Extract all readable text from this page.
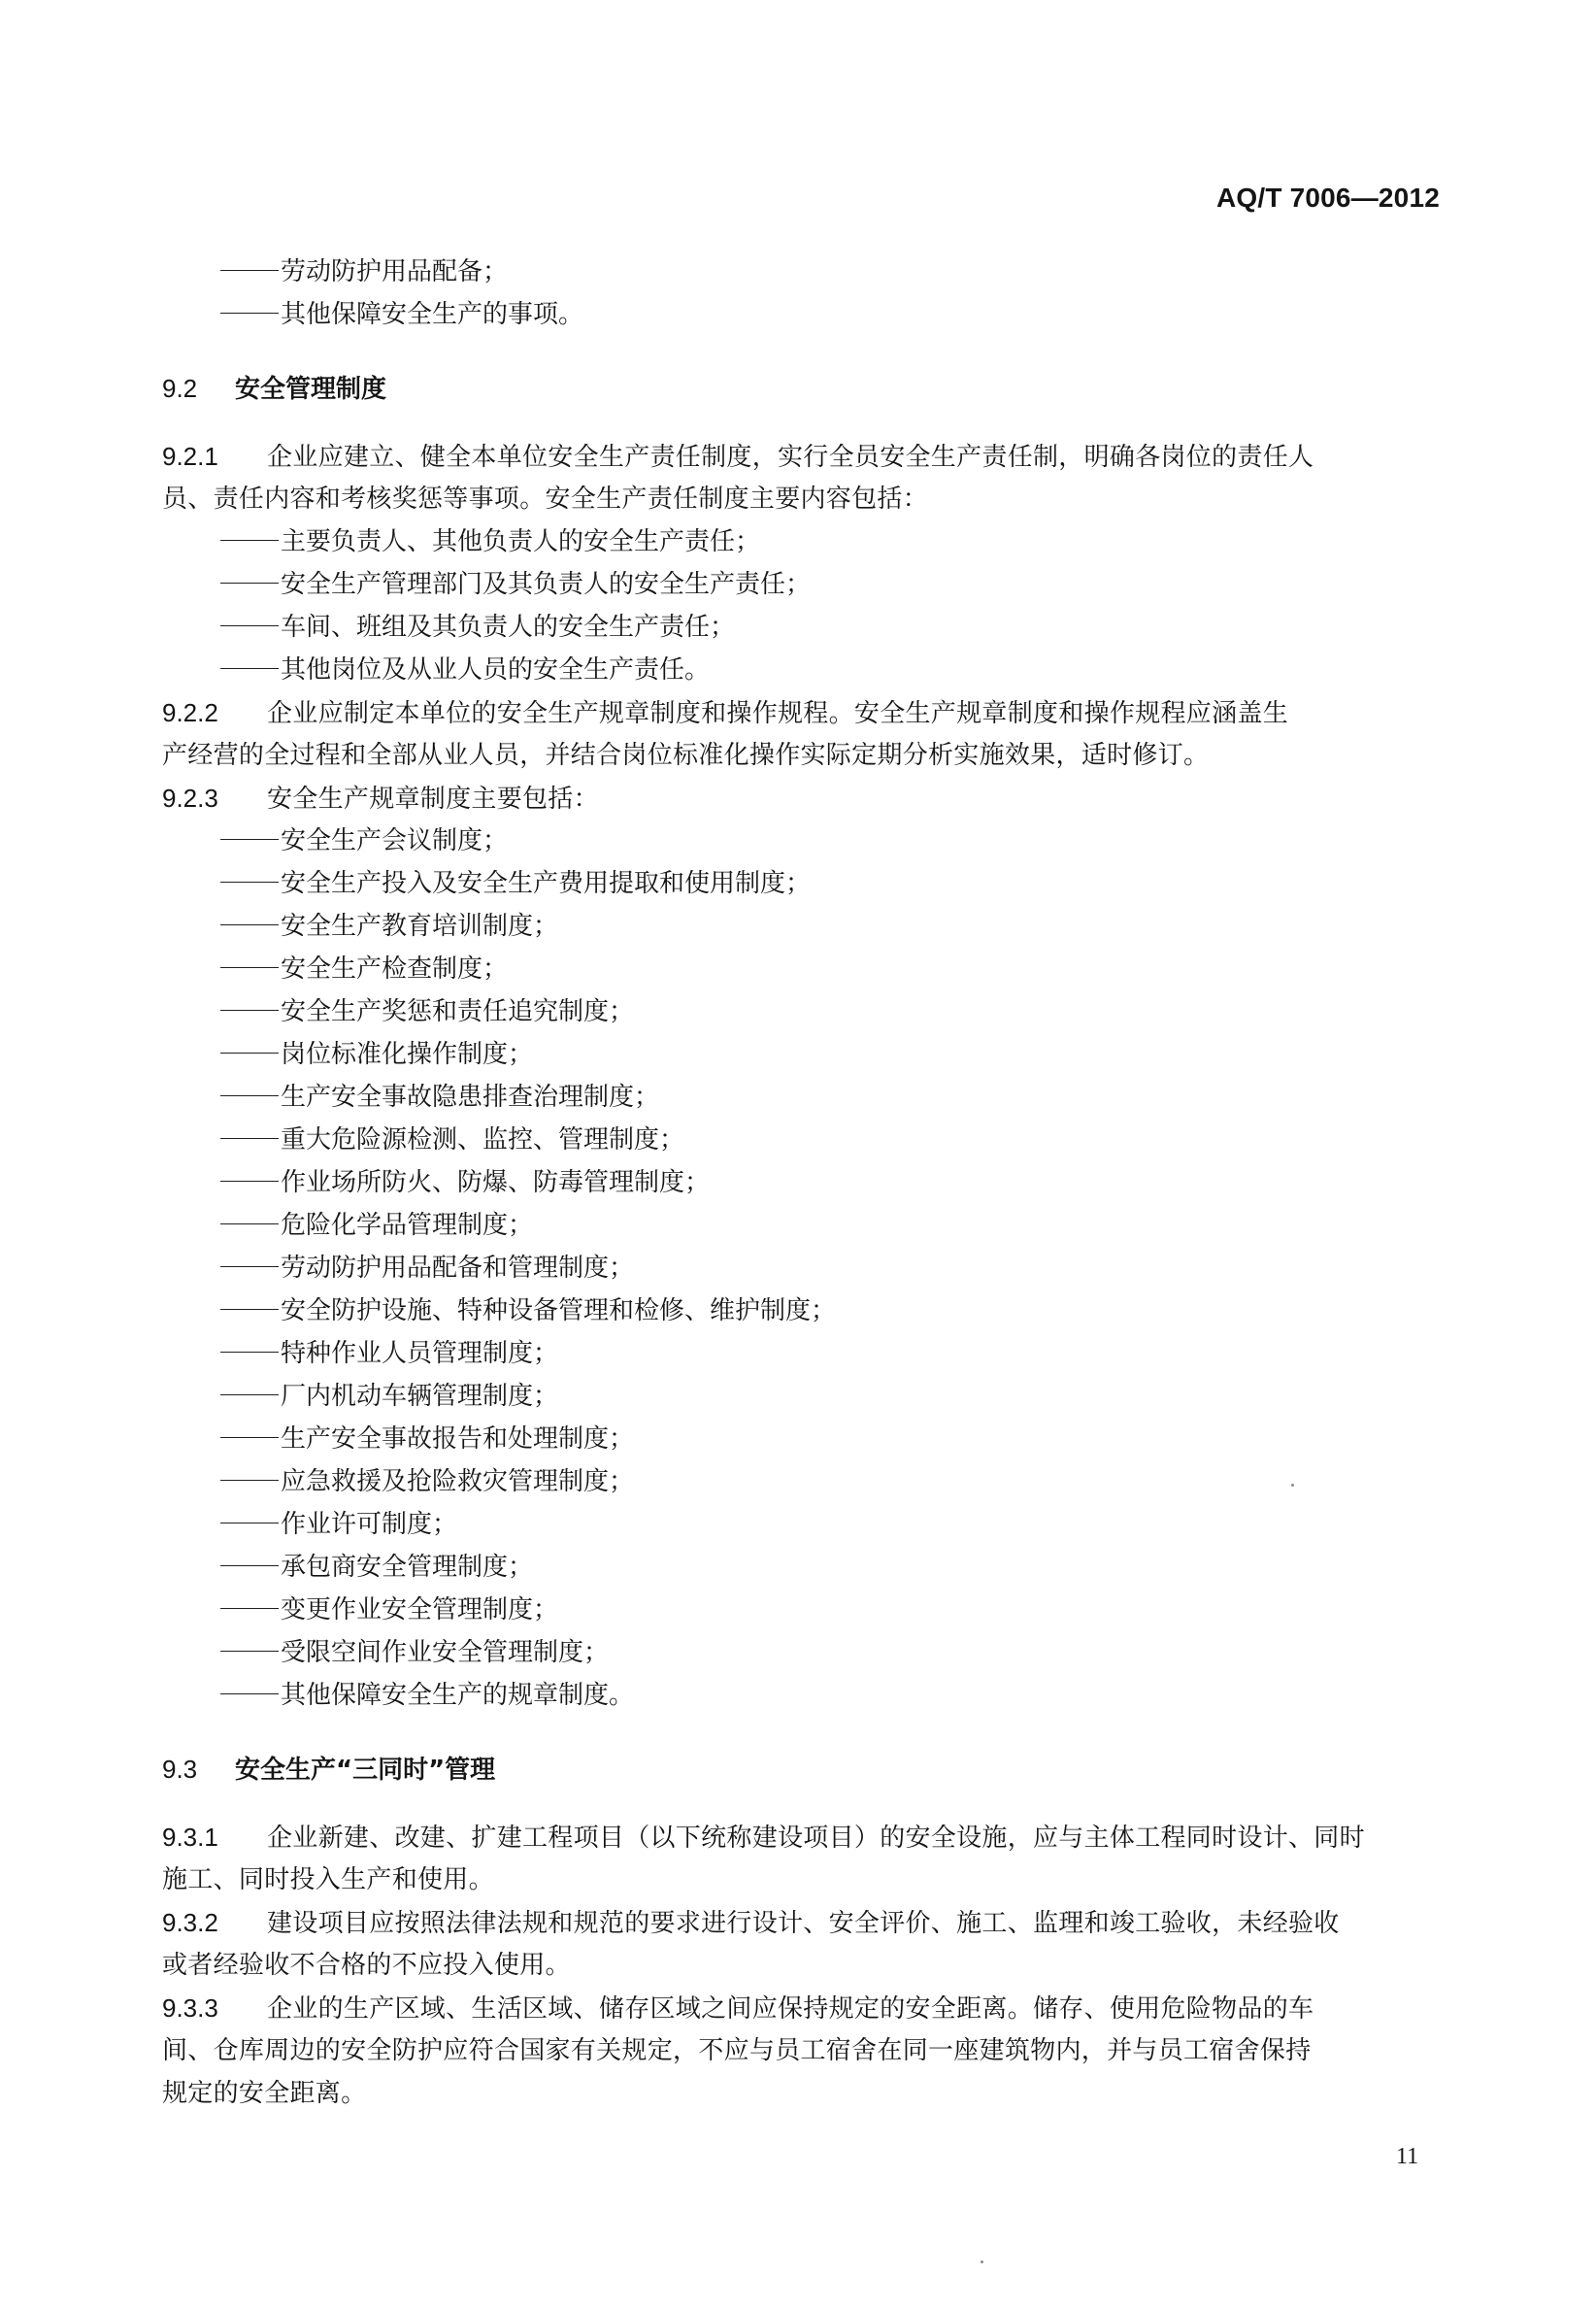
AQ/T 7006—2012
劳动防护用品配备；
其他保障安全生产的事项。
9.2 安全管理制度
9.2.1 企业应建立、健全本单位安全生产责任制度，实行全员安全生产责任制，明确各岗位的责任人
员、责任内容和考核奖惩等事项。安全生产责任制度主要内容包括：
主要负责人、其他负责人的安全生产责任；
安全生产管理部门及其负责人的安全生产责任；
车间、班组及其负责人的安全生产责任；
其他岗位及从业人员的安全生产责任。
9.2.2 企业应制定本单位的安全生产规章制度和操作规程。安全生产规章制度和操作规程应涵盖生
产经营的全过程和全部从业人员，并结合岗位标准化操作实际定期分析实施效果，适时修订。
9.2.3 安全生产规章制度主要包括：
安全生产会议制度；
安全生产投入及安全生产费用提取和使用制度；
安全生产教育培训制度；
安全生产检查制度；
安全生产奖惩和责任追究制度；
岗位标准化操作制度；
生产安全事故隐患排查治理制度；
重大危险源检测、监控、管理制度；
作业场所防火、防爆、防毒管理制度；
危险化学品管理制度；
劳动防护用品配备和管理制度；
安全防护设施、特种设备管理和检修、维护制度；
特种作业人员管理制度；
厂内机动车辆管理制度；
生产安全事故报告和处理制度；
应急救援及抢险救灾管理制度；
作业许可制度；
承包商安全管理制度；
变更作业安全管理制度；
受限空间作业安全管理制度；
其他保障安全生产的规章制度。
9.3 安全生产“三同时”管理
9.3.1 企业新建、改建、扩建工程项目（以下统称建设项目）的安全设施，应与主体工程同时设计、同时
施工、同时投入生产和使用。
9.3.2 建设项目应按照法律法规和规范的要求进行设计、安全评价、施工、监理和竣工验收，未经验收
或者经验收不合格的不应投入使用。
9.3.3 企业的生产区域、生活区域、储存区域之间应保持规定的安全距离。储存、使用危险物品的车
间、仓库周边的安全防护应符合国家有关规定，不应与员工宿舍在同一座建筑物内，并与员工宿舍保持
规定的安全距离。
11
